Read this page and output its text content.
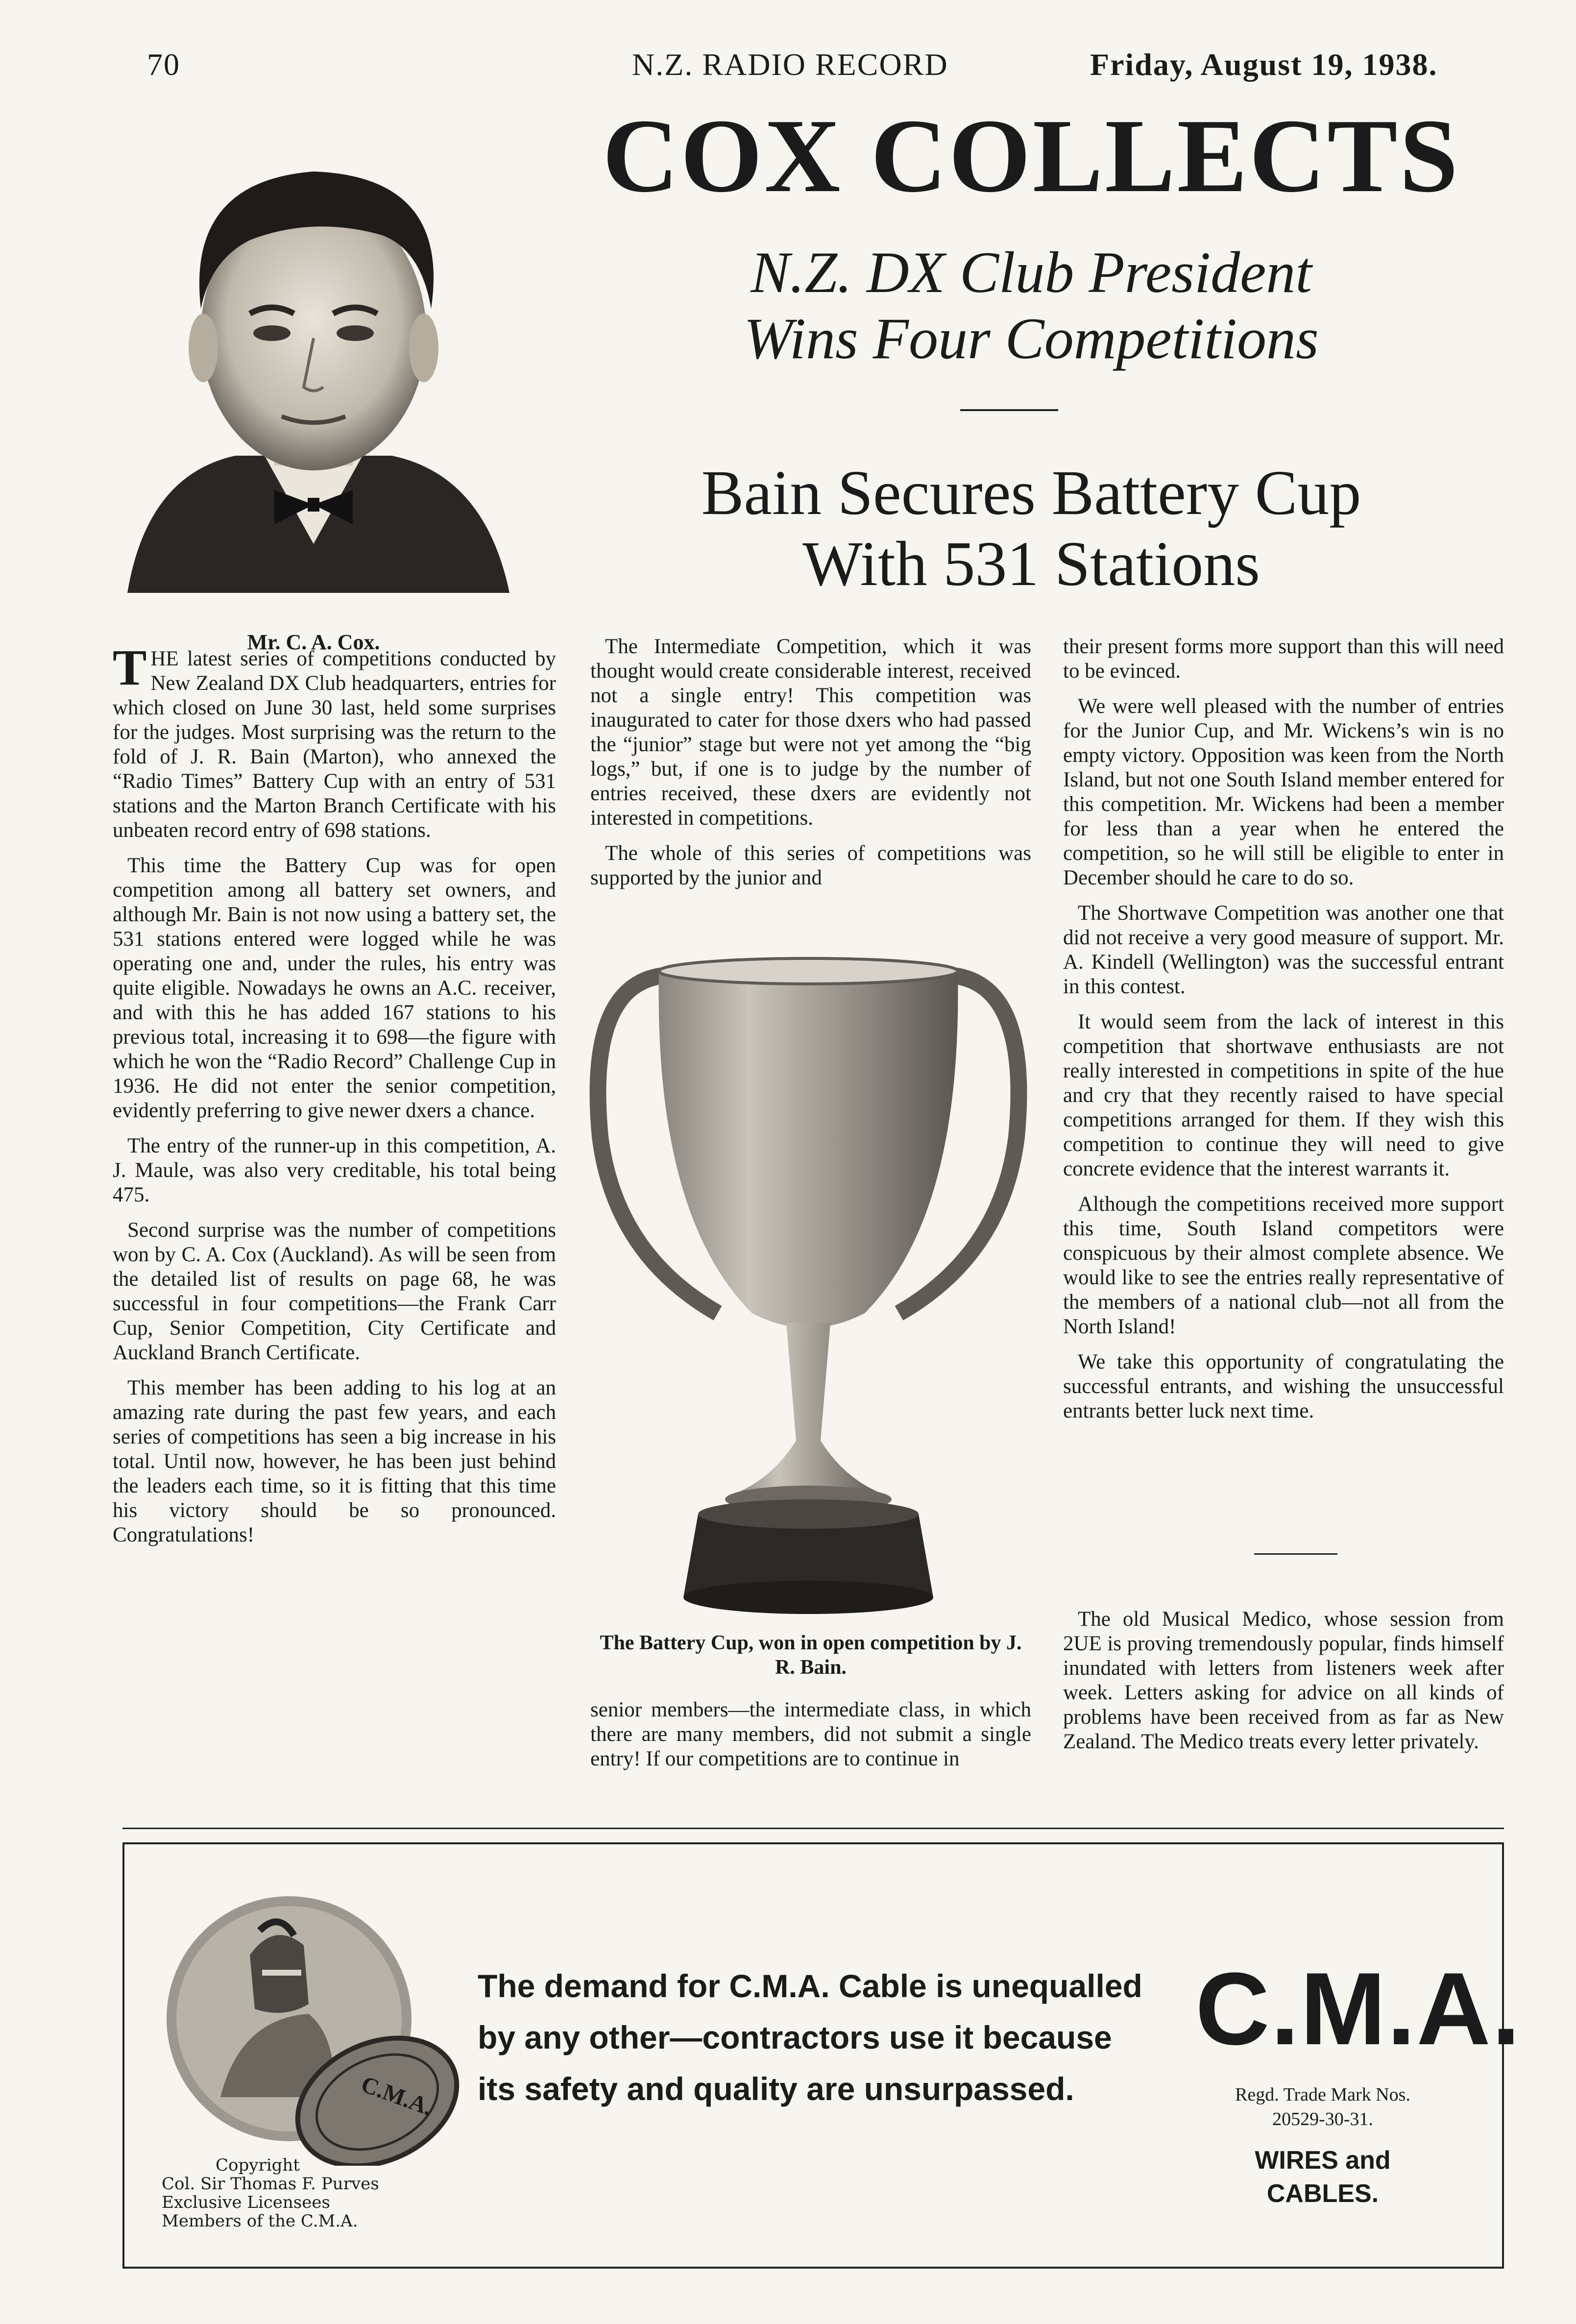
70	N.Z. RADIO RECORD	Friday, August 19, 1938.
COX COLLECTS
N.Z. DX Club President
Wins Four Competitions
Bain Secures Battery Cup
With 531 Stations
Mr. C. A. Cox.

THE latest series of competitions conducted by New Zealand DX Club headquarters, entries for which closed on June 30 last, held some surprises for the judges. Most surprising was the return to the fold of J. R. Bain (Marton), who annexed the “Radio Times” Battery Cup with an entry of 531 stations and the Marton Branch Certificate with his unbeaten record entry of 698 stations.

This time the Battery Cup was for open competition among all battery set owners, and although Mr. Bain is not now using a battery set, the 531 stations entered were logged while he was operating one and, under the rules, his entry was quite eligible. Nowadays he owns an A.C. receiver, and with this he has added 167 stations to his previous total, increasing it to 698—the figure with which he won the “Radio Record” Challenge Cup in 1936. He did not enter the senior competition, evidently preferring to give newer dxers a chance.

The entry of the runner-up in this competition, A. J. Maule, was also very creditable, his total being 475.

Second surprise was the number of competitions won by C. A. Cox (Auckland). As will be seen from the detailed list of results on page 68, he was successful in four competitions—the Frank Carr Cup, Senior Competition, City Certificate and Auckland Branch Certificate.

This member has been adding to his log at an amazing rate during the past few years, and each series of competitions has seen a big increase in his total. Until now, however, he has been just behind the leaders each time, so it is fitting that this time his victory should be so pronounced. Congratulations!

The Intermediate Competition, which it was thought would create considerable interest, received not a single entry! This competition was inaugurated to cater for those dxers who had passed the “junior” stage but were not yet among the “big logs,” but, if one is to judge by the number of entries received, these dxers are evidently not interested in competitions.

The whole of this series of competitions was supported by the junior and

The Battery Cup, won in open competition by J. R. Bain.

senior members—the intermediate class, in which there are many members, did not submit a single entry! If our competitions are to continue in

their present forms more support than this will need to be evinced.

We were well pleased with the number of entries for the Junior Cup, and Mr. Wickens’s win is no empty victory. Opposition was keen from the North Island, but not one South Island member entered for this competition. Mr. Wickens had been a member for less than a year when he entered the competition, so he will still be eligible to enter in December should he care to do so.

The Shortwave Competition was another one that did not receive a very good measure of support. Mr. A. Kindell (Wellington) was the successful entrant in this contest.

It would seem from the lack of interest in this competition that shortwave enthusiasts are not really interested in competitions in spite of the hue and cry that they recently raised to have special competitions arranged for them. If they wish this competition to continue they will need to give concrete evidence that the interest warrants it.

Although the competitions received more support this time, South Island competitors were conspicuous by their almost complete absence. We would like to see the entries really representative of the members of a national club—not all from the North Island!

We take this opportunity of congratulating the successful entrants, and wishing the unsuccessful entrants better luck next time.

The old Musical Medico, whose session from 2UE is proving tremendously popular, finds himself inundated with letters from listeners week after week. Letters asking for advice on all kinds of problems have been received from as far as New Zealand. The Medico treats every letter privately.

C.M.A.
Copyright
Col. Sir Thomas F. Purves
Exclusive Licensees
Members of the C.M.A.
The demand for C.M.A. Cable is unequalled
by any other—contractors use it because
its safety and quality are unsurpassed.
C.M.A.
Regd. Trade Mark Nos.
20529-30-31.
WIRES and
CABLES.
